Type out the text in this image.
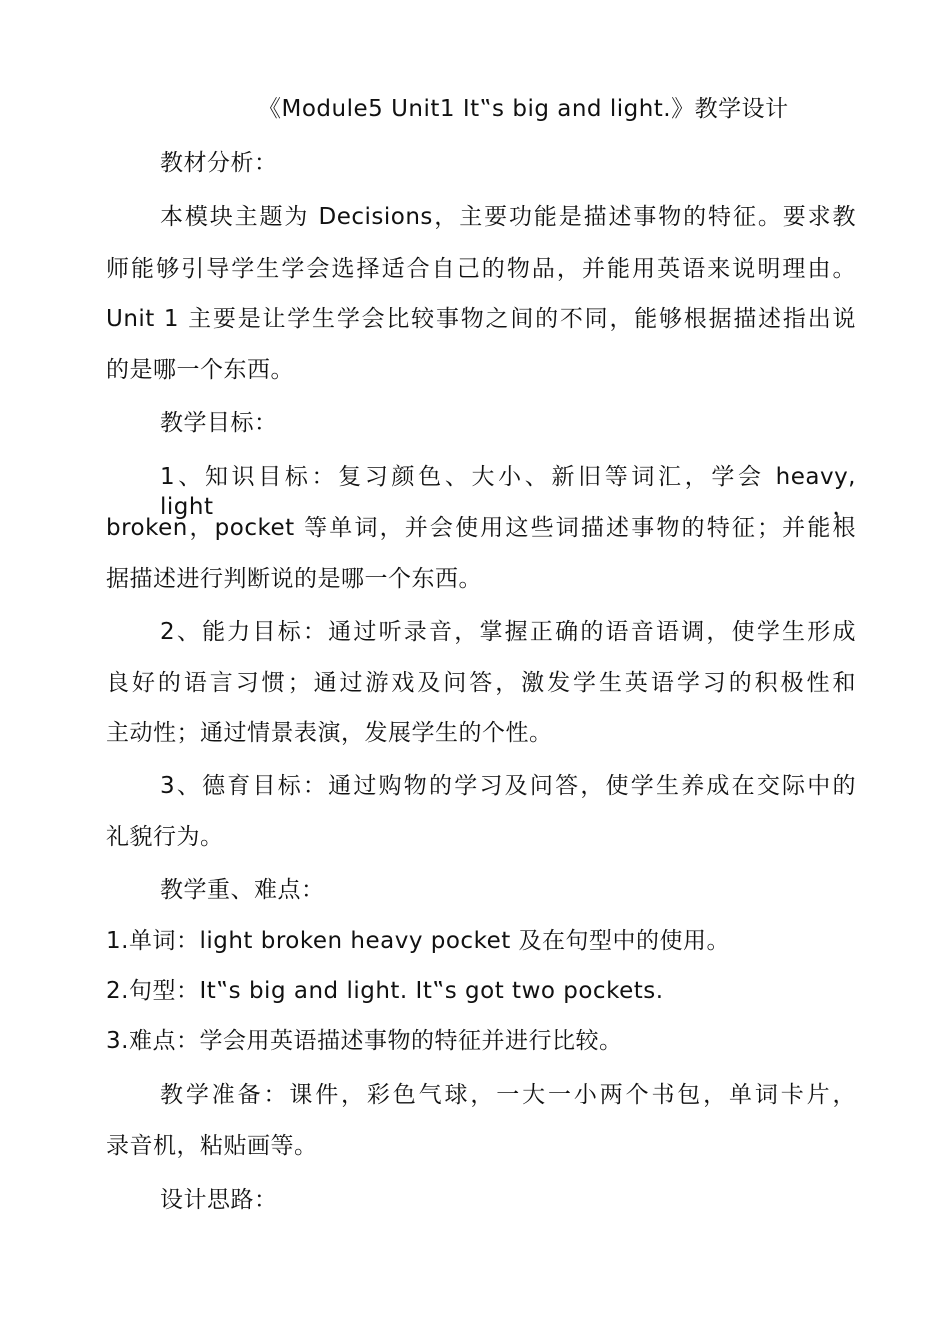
《Module5 Unit1 It‟s big and light.》教学设计
教材分析：
本模块主题为 Decisions，主要功能是描述事物的特征。要求教
师能够引导学生学会选择适合自己的物品，并能用英语来说明理由。
Unit 1 主要是让学生学会比较事物之间的不同，能够根据描述指出说
的是哪一个东西。
教学目标：
1、知识目标：复习颜色、大小、新旧等词汇，学会 heavy, light，
broken，pocket 等单词，并会使用这些词描述事物的特征；并能根
据描述进行判断说的是哪一个东西。
2、能力目标：通过听录音，掌握正确的语音语调，使学生形成
良好的语言习惯；通过游戏及问答，激发学生英语学习的积极性和
主动性；通过情景表演，发展学生的个性。
3、德育目标：通过购物的学习及问答，使学生养成在交际中的
礼貌行为。
教学重、难点：
1.单词：light broken heavy pocket 及在句型中的使用。
2.句型：It‟s big and light. It‟s got two pockets.
3.难点：学会用英语描述事物的特征并进行比较。
教学准备：课件，彩色气球，一大一小两个书包，单词卡片，
录音机，粘贴画等。
设计思路：
